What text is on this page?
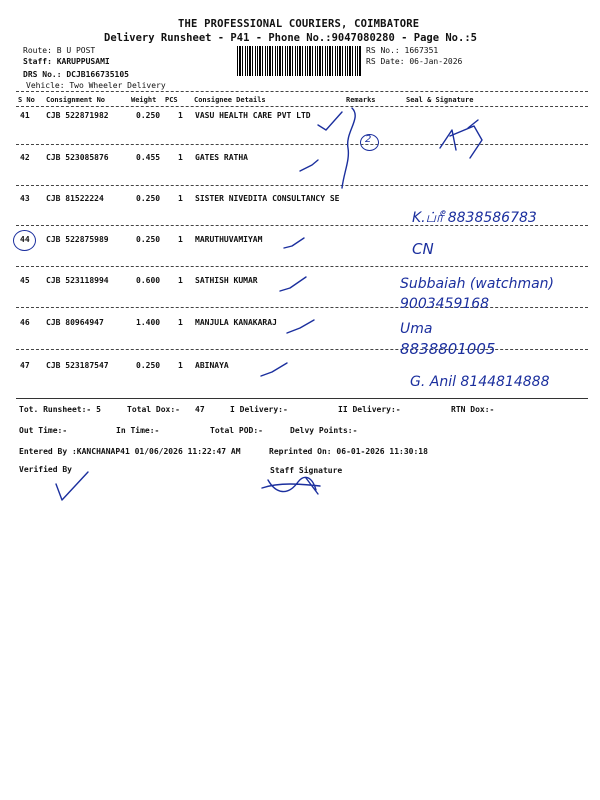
THE PROFESSIONAL COURIERS, COIMBATORE
Delivery Runsheet - P41 - Phone No.:9047080280 - Page No.:5
Route: B U POST
Staff: KARUPPUSAMI
DRS No.: DCJB166735105
Vehicle: Two Wheeler Delivery
RS No.: 1667351
RS Date: 06-Jan-2026
S No Consignment No	Weight PCS Consignee Details	Remarks	Seal & Signature
41 CJB 522871982	0.250 1 VASU HEALTH CARE PVT LTD
42 CJB 523085876	0.455 1 GATES RATHA
43 CJB 81522224	0.250 1 SISTER NIVEDITA CONSULTANCY SE
44 CJB 522875989	0.250 1 MARUTHUVAMIYAM
45 CJB 523118994	0.600 1 SATHISH KUMAR
46 CJB 80964947	1.400 1 MANJULA KANAKARAJ
47 CJB 523187547	0.250 1 ABINAYA
2
K.ப்ரீ 8838586783
CN
Subbaiah (watchman)
9003459168
Uma
8838801005
G. Anil 8144814888
Tot. Runsheet:- 5	Total Dox:- 47	I Delivery:-	II Delivery:-	RTN Dox:-
Out Time:-	In Time:-	Total POD:-	Delvy Points:-
Entered By :KANCHANAP41 01/06/2026 11:22:47 AM	Reprinted On: 06-01-2026 11:30:18
Verified By	Staff Signature
